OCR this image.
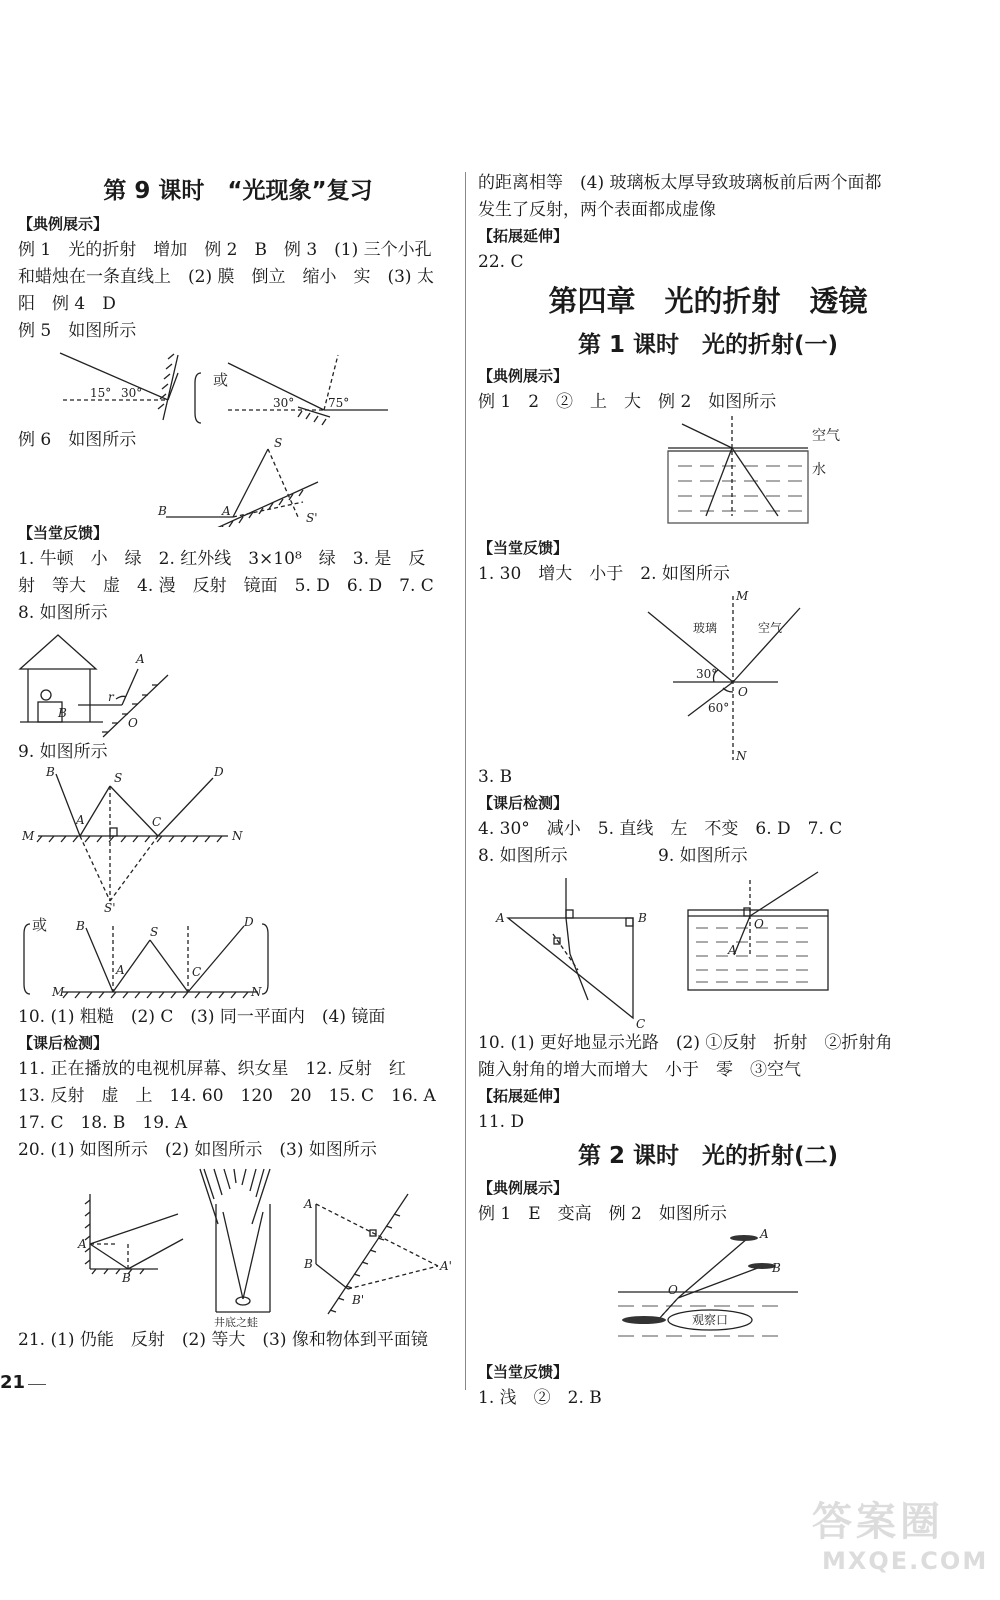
第 9 课时　“光现象”复习
【典例展示】
例 1　光的折射　增加　例 2　B　例 3　(1) 三个小孔
和蜡烛在一条直线上　(2) 膜　倒立　缩小　实　(3) 太
阳　例 4　D
例 5　如图所示
15° 30°
或
30°	75°
例 6　如图所示	S
S'
A
B
【当堂反馈】
1. 牛顿　小　绿　2. 红外线　3×10⁸　绿　3. 是　反
射　等大　虚　4. 漫　反射　镜面　5. D　6. D　7. C
8. 如图所示
A
B
O
r
9. 如图所示
B	S	D
A	C
M	N
S'
或 B	S
D
A	C
M	N
10. (1) 粗糙　(2) C　(3) 同一平面内　(4) 镜面
【课后检测】
11. 正在播放的电视机屏幕、织女星　12. 反射　红
13. 反射　虚　上　14. 60　120　20　15. C　16. A
17. C　18. B　19. A
20. (1) 如图所示　(2) 如图所示　(3) 如图所示
A
B
井底之蛙
A
B	A'
B'
21. (1) 仍能　反射　(2) 等大　(3) 像和物体到平面镜
的距离相等　(4) 玻璃板太厚导致玻璃板前后两个面都
发生了反射，两个表面都成虚像
【拓展延伸】
22. C
第四章　光的折射　透镜
第 1 课时　光的折射(一)
【典例展示】
例 1　2　②　上　大　例 2　如图所示
空气
水
【当堂反馈】
1. 30　增大　小于　2. 如图所示
M
N
O
玻璃	空气
30°
60°
3. B
【课后检测】
4. 30°　减小　5. 直线　左　不变　6. D　7. C
8. 如图所示	9. 如图所示
A	B
C
O
A
10. (1) 更好地显示光路　(2) ①反射　折射　②折射角
随入射角的增大而增大　小于　零　③空气
【拓展延伸】
11. D
第 2 课时　光的折射(二)
【典例展示】
例 1　E　变高　例 2　如图所示
A
B
O
观察口
【当堂反馈】
1. 浅　②　2. B
21
答案圈
MXQE.COM
